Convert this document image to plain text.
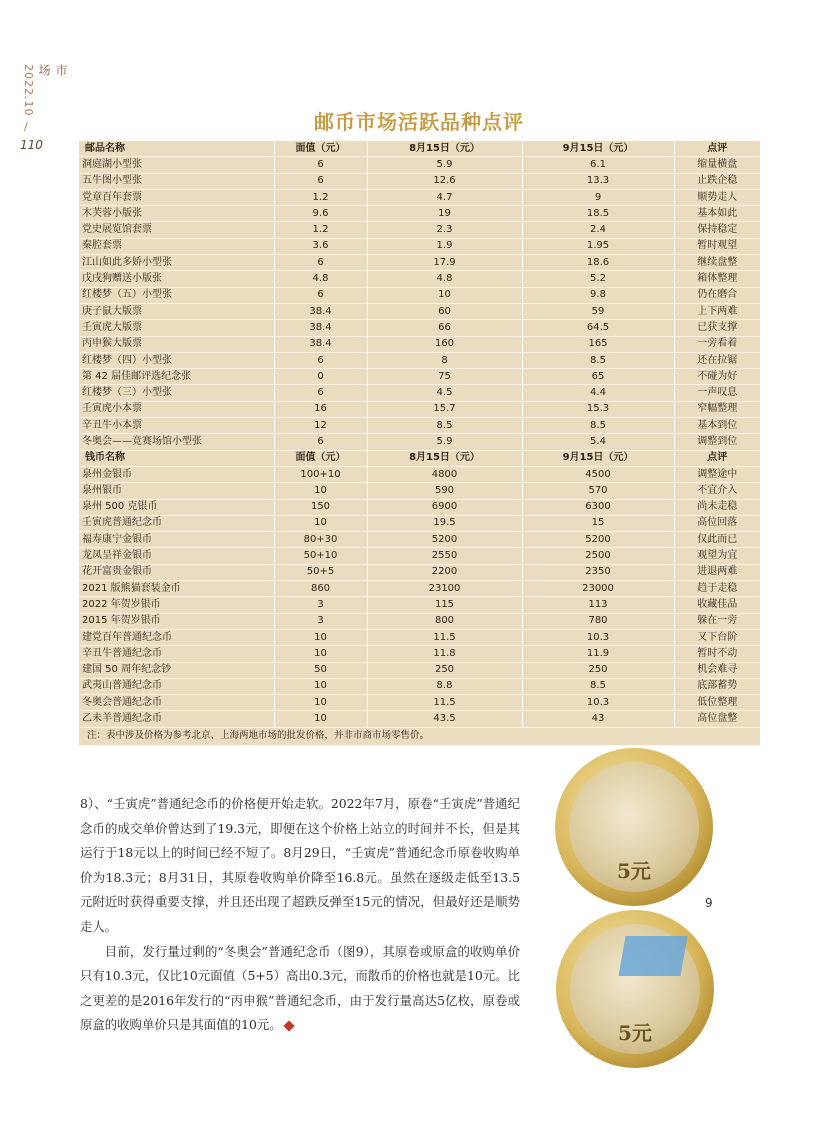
市场
2022.10
/
110
邮币市场活跃品种点评
邮品名称	面值（元）	8月15日（元）	9月15日（元）	点评
洞庭湖小型张	6	5.9	6.1	缩量横盘
五牛图小型张	6	12.6	13.3	止跌企稳
党章百年套票	1.2	4.7	9	顺势走人
木芙蓉小版张	9.6	19	18.5	基本如此
党史展览馆套票	1.2	2.3	2.4	保持稳定
秦腔套票	3.6	1.9	1.95	暂时观望
江山如此多娇小型张	6	17.9	18.6	继续盘整
戊戌狗赠送小版张	4.8	4.8	5.2	箱体整理
红楼梦（五）小型张	6	10	9.8	仍在磨合
庚子鼠大版票	38.4	60	59	上下两难
壬寅虎大版票	38.4	66	64.5	已获支撑
丙申猴大版票	38.4	160	165	一旁看着
红楼梦（四）小型张	6	8	8.5	还在拉锯
第 42 届佳邮评选纪念张	0	75	65	不碰为好
红楼梦（三）小型张	6	4.5	4.4	一声叹息
壬寅虎小本票	16	15.7	15.3	窄幅整理
辛丑牛小本票	12	8.5	8.5	基本到位
冬奥会——竞赛场馆小型张	6	5.9	5.4	调整到位
钱币名称	面值（元）	8月15日（元）	9月15日（元）	点评
泉州金银币	100+10	4800	4500	调整途中
泉州银币	10	590	570	不宜介入
泉州 500 克银币	150	6900	6300	尚未走稳
壬寅虎普通纪念币	10	19.5	15	高位回落
福寿康宁金银币	80+30	5200	5200	仅此而已
龙凤呈祥金银币	50+10	2550	2500	观望为宜
花开富贵金银币	50+5	2200	2350	进退两难
2021 版熊猫套装金币	860	23100	23000	趋于走稳
2022 年贺岁银币	3	115	113	收藏佳品
2015 年贺岁银币	3	800	780	躲在一旁
建党百年普通纪念币	10	11.5	10.3	又下台阶
辛丑牛普通纪念币	10	11.8	11.9	暂时不动
建国 50 周年纪念钞	50	250	250	机会难寻
武夷山普通纪念币	10	8.8	8.5	底部蓄势
冬奥会普通纪念币	10	11.5	10.3	低位整理
乙未羊普通纪念币	10	43.5	43	高位盘整
注：表中涉及价格为参考北京、上海两地市场的批发价格，并非市商市场零售价。				

8）、“壬寅虎”普通纪念币的价格便开始走软。2022年7月，原卷“壬寅虎”普通纪念币的成交单价曾达到了19.3元，即便在这个价格上站立的时间并不长，但是其运行于18元以上的时间已经不短了。8月29日，“壬寅虎”普通纪念币原卷收购单价为18.3元；8月31日，其原卷收购单价降至16.8元。虽然在逐级走低至13.5元附近时获得重要支撑，并且还出现了超跌反弹至15元的情况，但最好还是顺势走人。

目前，发行量过剩的“冬奥会”普通纪念币（图9），其原卷或原盒的收购单价只有10.3元，仅比10元面值（5+5）高出0.3元，而散币的价格也就是10元。比之更差的是2016年发行的“丙申猴”普通纪念币，由于发行量高达5亿枚，原卷或原盒的收购单价只是其面值的10元。

5元
9
5元
